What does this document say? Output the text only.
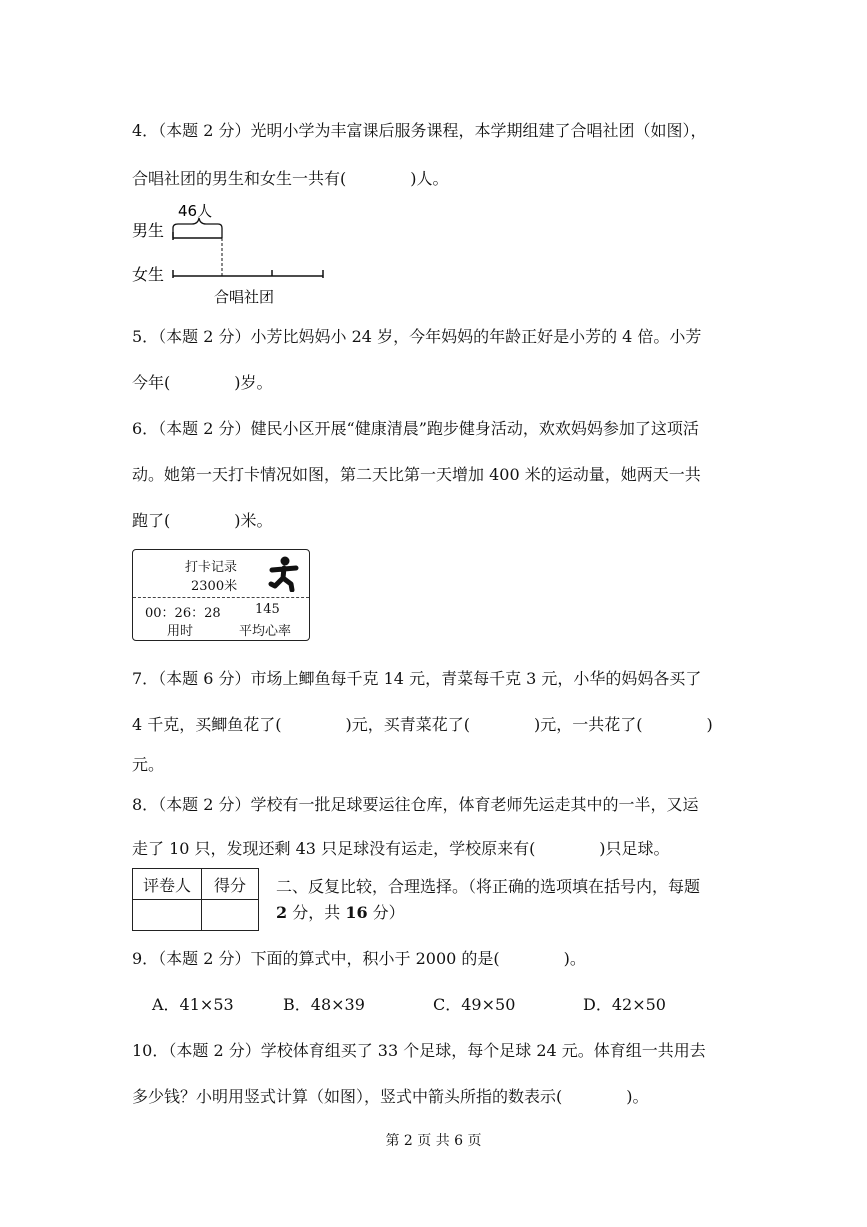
4．（本题 2 分）光明小学为丰富课后服务课程，本学期组建了合唱社团（如图），
合唱社团的男生和女生一共有(　　　　)人。
46人
男生
女生
合唱社团
5．（本题 2 分）小芳比妈妈小 24 岁，今年妈妈的年龄正好是小芳的 4 倍。小芳
今年(　　　　)岁。
6．（本题 2 分）健民小区开展“健康清晨”跑步健身活动，欢欢妈妈参加了这项活
动。她第一天打卡情况如图，第二天比第一天增加 400 米的运动量，她两天一共
跑了(　　　　)米。
打卡记录
2300米
00：26：28
用时
145
平均心率
7．（本题 6 分）市场上鲫鱼每千克 14 元，青菜每千克 3 元，小华的妈妈各买了
4 千克，买鲫鱼花了(　　　　)元，买青菜花了(　　　　)元，一共花了(　　　　)
元。
8．（本题 2 分）学校有一批足球要运往仓库，体育老师先运走其中的一半，又运
走了 10 只，发现还剩 43 只足球没有运走，学校原来有(　　　　)只足球。
评卷人	得分
	二、反复比较，合理选择。（将正确的选项填在括号内，每题
2 分，共 16 分）
9．（本题 2 分）下面的算式中，积小于 2000 的是(　　　　)。
A．41×53	B．48×39	C．49×50	D．42×50
10．（本题 2 分）学校体育组买了 33 个足球，每个足球 24 元。体育组一共用去
多少钱？小明用竖式计算（如图），竖式中箭头所指的数表示(　　　　)。
第 2 页 共 6 页
